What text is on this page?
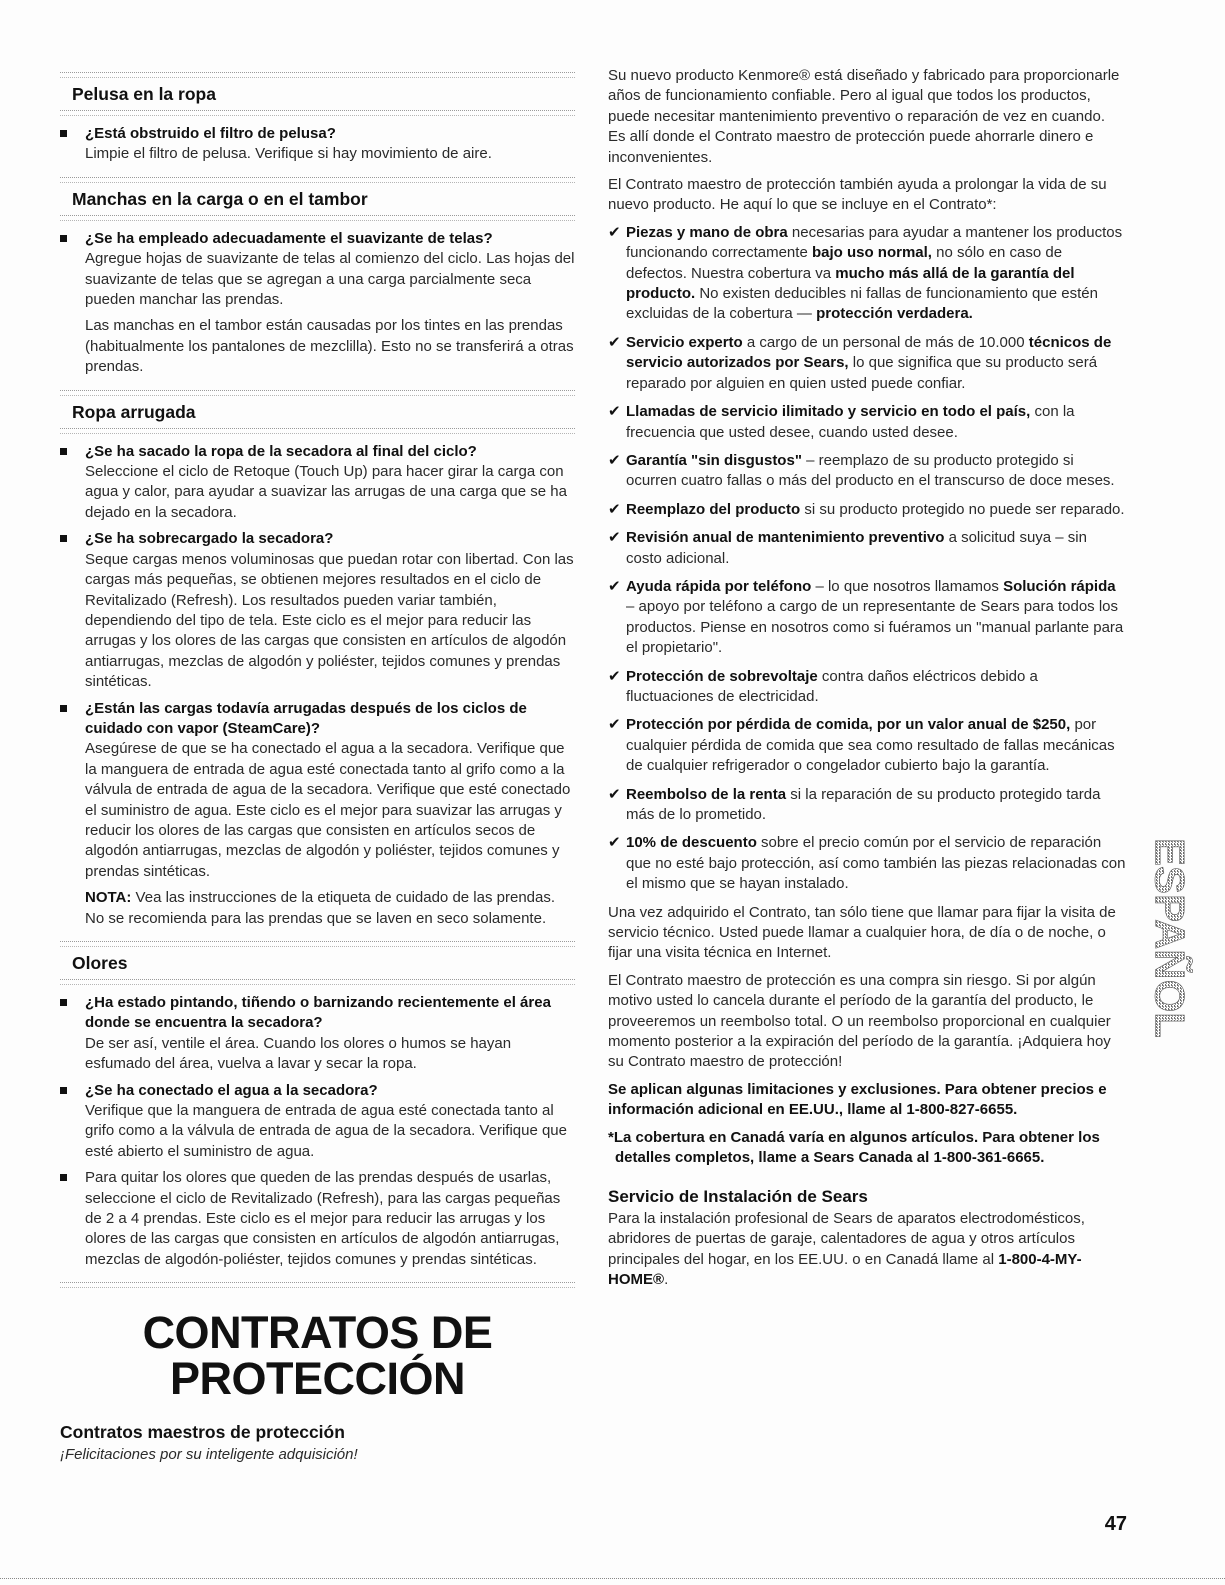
Pelusa en la ropa
¿Está obstruido el filtro de pelusa?
Limpie el filtro de pelusa. Verifique si hay movimiento de aire.
Manchas en la carga o en el tambor
¿Se ha empleado adecuadamente el suavizante de telas?
Agregue hojas de suavizante de telas al comienzo del ciclo. Las hojas del suavizante de telas que se agregan a una carga parcialmente seca pueden manchar las prendas.
Las manchas en el tambor están causadas por los tintes en las prendas (habitualmente los pantalones de mezclilla). Esto no se transferirá a otras prendas.
Ropa arrugada
¿Se ha sacado la ropa de la secadora al final del ciclo?
Seleccione el ciclo de Retoque (Touch Up) para hacer girar la carga con agua y calor, para ayudar a suavizar las arrugas de una carga que se ha dejado en la secadora.
¿Se ha sobrecargado la secadora?
Seque cargas menos voluminosas que puedan rotar con libertad. Con las cargas más pequeñas, se obtienen mejores resultados en el ciclo de Revitalizado (Refresh). Los resultados pueden variar también, dependiendo del tipo de tela. Este ciclo es el mejor para reducir las arrugas y los olores de las cargas que consisten en artículos de algodón antiarrugas, mezclas de algodón y poliéster, tejidos comunes y prendas sintéticas.
¿Están las cargas todavía arrugadas después de los ciclos de cuidado con vapor (SteamCare)?
Asegúrese de que se ha conectado el agua a la secadora. Verifique que la manguera de entrada de agua esté conectada tanto al grifo como a la válvula de entrada de agua de la secadora. Verifique que esté conectado el suministro de agua. Este ciclo es el mejor para suavizar las arrugas y reducir los olores de las cargas que consisten en artículos secos de algodón antiarrugas, mezclas de algodón y poliéster, tejidos comunes y prendas sintéticas.
NOTA: Vea las instrucciones de la etiqueta de cuidado de las prendas. No se recomienda para las prendas que se laven en seco solamente.
Olores
¿Ha estado pintando, tiñendo o barnizando recientemente el área donde se encuentra la secadora?
De ser así, ventile el área. Cuando los olores o humos se hayan esfumado del área, vuelva a lavar y secar la ropa.
¿Se ha conectado el agua a la secadora?
Verifique que la manguera de entrada de agua esté conectada tanto al grifo como a la válvula de entrada de agua de la secadora. Verifique que esté abierto el suministro de agua.
Para quitar los olores que queden de las prendas después de usarlas, seleccione el ciclo de Revitalizado (Refresh), para las cargas pequeñas de 2 a 4 prendas. Este ciclo es el mejor para reducir las arrugas y los olores de las cargas que consisten en artículos de algodón antiarrugas, mezclas de algodón-poliéster, tejidos comunes y prendas sintéticas.
CONTRATOS DE
PROTECCIÓN
Contratos maestros de protección
¡Felicitaciones por su inteligente adquisición!

Su nuevo producto Kenmore® está diseñado y fabricado para proporcionarle años de funcionamiento confiable. Pero al igual que todos los productos, puede necesitar mantenimiento preventivo o reparación de vez en cuando. Es allí donde el Contrato maestro de protección puede ahorrarle dinero e inconvenientes.

El Contrato maestro de protección también ayuda a prolongar la vida de su nuevo producto. He aquí lo que se incluye en el Contrato*:

✔ Piezas y mano de obra necesarias para ayudar a mantener los productos funcionando correctamente bajo uso normal, no sólo en caso de defectos. Nuestra cobertura va mucho más allá de la garantía del producto. No existen deducibles ni fallas de funcionamiento que estén excluidas de la cobertura — protección verdadera.
✔ Servicio experto a cargo de un personal de más de 10.000 técnicos de servicio autorizados por Sears, lo que significa que su producto será reparado por alguien en quien usted puede confiar.
✔ Llamadas de servicio ilimitado y servicio en todo el país, con la frecuencia que usted desee, cuando usted desee.
✔ Garantía "sin disgustos" – reemplazo de su producto protegido si ocurren cuatro fallas o más del producto en el transcurso de doce meses.
✔ Reemplazo del producto si su producto protegido no puede ser reparado.
✔ Revisión anual de mantenimiento preventivo a solicitud suya – sin costo adicional.
✔ Ayuda rápida por teléfono – lo que nosotros llamamos Solución rápida – apoyo por teléfono a cargo de un representante de Sears para todos los productos. Piense en nosotros como si fuéramos un "manual parlante para el propietario".
✔ Protección de sobrevoltaje contra daños eléctricos debido a fluctuaciones de electricidad.
✔ Protección por pérdida de comida, por un valor anual de $250, por cualquier pérdida de comida que sea como resultado de fallas mecánicas de cualquier refrigerador o congelador cubierto bajo la garantía.
✔ Reembolso de la renta si la reparación de su producto protegido tarda más de lo prometido.
✔ 10% de descuento sobre el precio común por el servicio de reparación que no esté bajo protección, así como también las piezas relacionadas con el mismo que se hayan instalado.

Una vez adquirido el Contrato, tan sólo tiene que llamar para fijar la visita de servicio técnico. Usted puede llamar a cualquier hora, de día o de noche, o fijar una visita técnica en Internet.

El Contrato maestro de protección es una compra sin riesgo. Si por algún motivo usted lo cancela durante el período de la garantía del producto, le proveeremos un reembolso total. O un reembolso proporcional en cualquier momento posterior a la expiración del período de la garantía. ¡Adquiera hoy su Contrato maestro de protección!

Se aplican algunas limitaciones y exclusiones. Para obtener precios e información adicional en EE.UU., llame al 1-800-827-6655.

*La cobertura en Canadá varía en algunos artículos. Para obtener los detalles completos, llame a Sears Canada al 1-800-361-6665.

Servicio de Instalación de Sears

Para la instalación profesional de Sears de aparatos electrodomésticos, abridores de puertas de garaje, calentadores de agua y otros artículos principales del hogar, en los EE.UU. o en Canadá llame al 1-800-4-MY-HOME®.

ESPAÑOL
47
